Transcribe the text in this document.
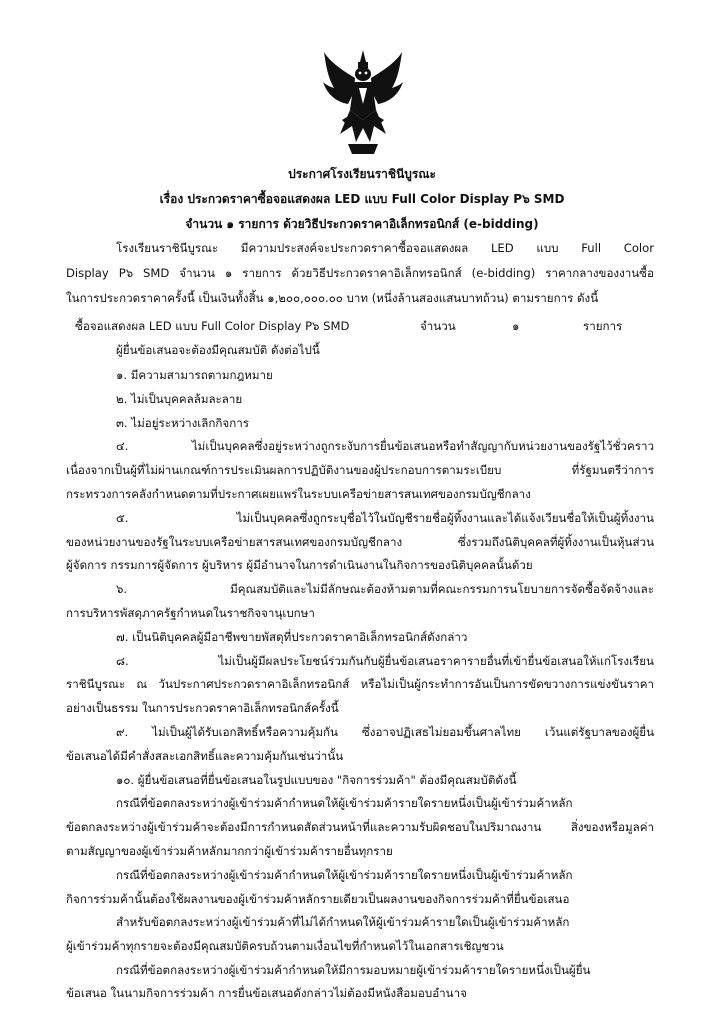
ประกาศโรงเรียนราชินีบูรณะ
เรื่อง ประกวดราคาซื้อจอแสดงผล LED แบบ Full Color Display P๖ SMD
จำนวน ๑ รายการ ด้วยวิธีประกวดราคาอิเล็กทรอนิกส์ (e-bidding)
โรงเรียนราชินีบูรณะ มีความประสงค์จะประกวดราคาซื้อจอแสดงผล LED แบบ Full Color
Display P๖ SMD จำนวน ๑ รายการ ด้วยวิธีประกวดราคาอิเล็กทรอนิกส์ (e-bidding) ราคากลางของงานซื้อ
ในการประกวดราคาครั้งนี้ เป็นเงินทั้งสิ้น ๑,๒๐๐,๐๐๐.๐๐ บาท (หนึ่งล้านสองแสนบาทถ้วน) ตามรายการ ดังนี้
ซื้อจอแสดงผล LED แบบ Full Color Display P๖ SMD	จำนวน	๑	รายการ
ผู้ยื่นข้อเสนอจะต้องมีคุณสมบัติ ดังต่อไปนี้
๑. มีความสามารถตามกฎหมาย
๒. ไม่เป็นบุคคลล้มละลาย
๓. ไม่อยู่ระหว่างเลิกกิจการ
๔. ไม่เป็นบุคคลซึ่งอยู่ระหว่างถูกระงับการยื่นข้อเสนอหรือทำสัญญากับหน่วยงานของรัฐไว้ชั่วคราว
เนื่องจากเป็นผู้ที่ไม่ผ่านเกณฑ์การประเมินผลการปฏิบัติงานของผู้ประกอบการตามระเบียบ ที่รัฐมนตรีว่าการ
กระทรวงการคลังกำหนดตามที่ประกาศเผยแพร่ในระบบเครือข่ายสารสนเทศของกรมบัญชีกลาง
๕. ไม่เป็นบุคคลซึ่งถูกระบุชื่อไว้ในบัญชีรายชื่อผู้ทิ้งงานและได้แจ้งเวียนชื่อให้เป็นผู้ทิ้งงาน
ของหน่วยงานของรัฐในระบบเครือข่ายสารสนเทศของกรมบัญชีกลาง ซึ่งรวมถึงนิติบุคคลที่ผู้ทิ้งงานเป็นหุ้นส่วน
ผู้จัดการ กรรมการผู้จัดการ ผู้บริหาร ผู้มีอำนาจในการดำเนินงานในกิจการของนิติบุคคลนั้นด้วย
๖. มีคุณสมบัติและไม่มีลักษณะต้องห้ามตามที่คณะกรรมการนโยบายการจัดซื้อจัดจ้างและ
การบริหารพัสดุภาครัฐกำหนดในราชกิจจานุเบกษา
๗. เป็นนิติบุคคลผู้มีอาชีพขายพัสดุที่ประกวดราคาอิเล็กทรอนิกส์ดังกล่าว
๘. ไม่เป็นผู้มีผลประโยชน์ร่วมกันกับผู้ยื่นข้อเสนอราคารายอื่นที่เข้ายื่นข้อเสนอให้แก่โรงเรียน
ราชินีบูรณะ ณ วันประกาศประกวดราคาอิเล็กทรอนิกส์ หรือไม่เป็นผู้กระทำการอันเป็นการขัดขวางการแข่งขันราคา
อย่างเป็นธรรม ในการประกวดราคาอิเล็กทรอนิกส์ครั้งนี้
๙. ไม่เป็นผู้ได้รับเอกสิทธิ์หรือความคุ้มกัน ซึ่งอาจปฏิเสธไม่ยอมขึ้นศาลไทย เว้นแต่รัฐบาลของผู้ยื่น
ข้อเสนอได้มีคำสั่งสละเอกสิทธิ์และความคุ้มกันเช่นว่านั้น
๑๐. ผู้ยื่นข้อเสนอที่ยื่นข้อเสนอในรูปแบบของ "กิจการร่วมค้า" ต้องมีคุณสมบัติดังนี้
กรณีที่ข้อตกลงระหว่างผู้เข้าร่วมค้ากำหนดให้ผู้เข้าร่วมค้ารายใดรายหนึ่งเป็นผู้เข้าร่วมค้าหลัก
ข้อตกลงระหว่างผู้เข้าร่วมค้าจะต้องมีการกำหนดสัดส่วนหน้าที่และความรับผิดชอบในปริมาณงาน สิ่งของหรือมูลค่า
ตามสัญญาของผู้เข้าร่วมค้าหลักมากกว่าผู้เข้าร่วมค้ารายอื่นทุกราย
กรณีที่ข้อตกลงระหว่างผู้เข้าร่วมค้ากำหนดให้ผู้เข้าร่วมค้ารายใดรายหนึ่งเป็นผู้เข้าร่วมค้าหลัก
กิจการร่วมค้านั้นต้องใช้ผลงานของผู้เข้าร่วมค้าหลักรายเดียวเป็นผลงานของกิจการร่วมค้าที่ยื่นข้อเสนอ
สำหรับข้อตกลงระหว่างผู้เข้าร่วมค้าที่ไม่ได้กำหนดให้ผู้เข้าร่วมค้ารายใดเป็นผู้เข้าร่วมค้าหลัก
ผู้เข้าร่วมค้าทุกรายจะต้องมีคุณสมบัติครบถ้วนตามเงื่อนไขที่กำหนดไว้ในเอกสารเชิญชวน
กรณีที่ข้อตกลงระหว่างผู้เข้าร่วมค้ากำหนดให้มีการมอบหมายผู้เข้าร่วมค้ารายใดรายหนึ่งเป็นผู้ยื่น
ข้อเสนอ ในนามกิจการร่วมค้า การยื่นข้อเสนอดังกล่าวไม่ต้องมีหนังสือมอบอำนาจ
